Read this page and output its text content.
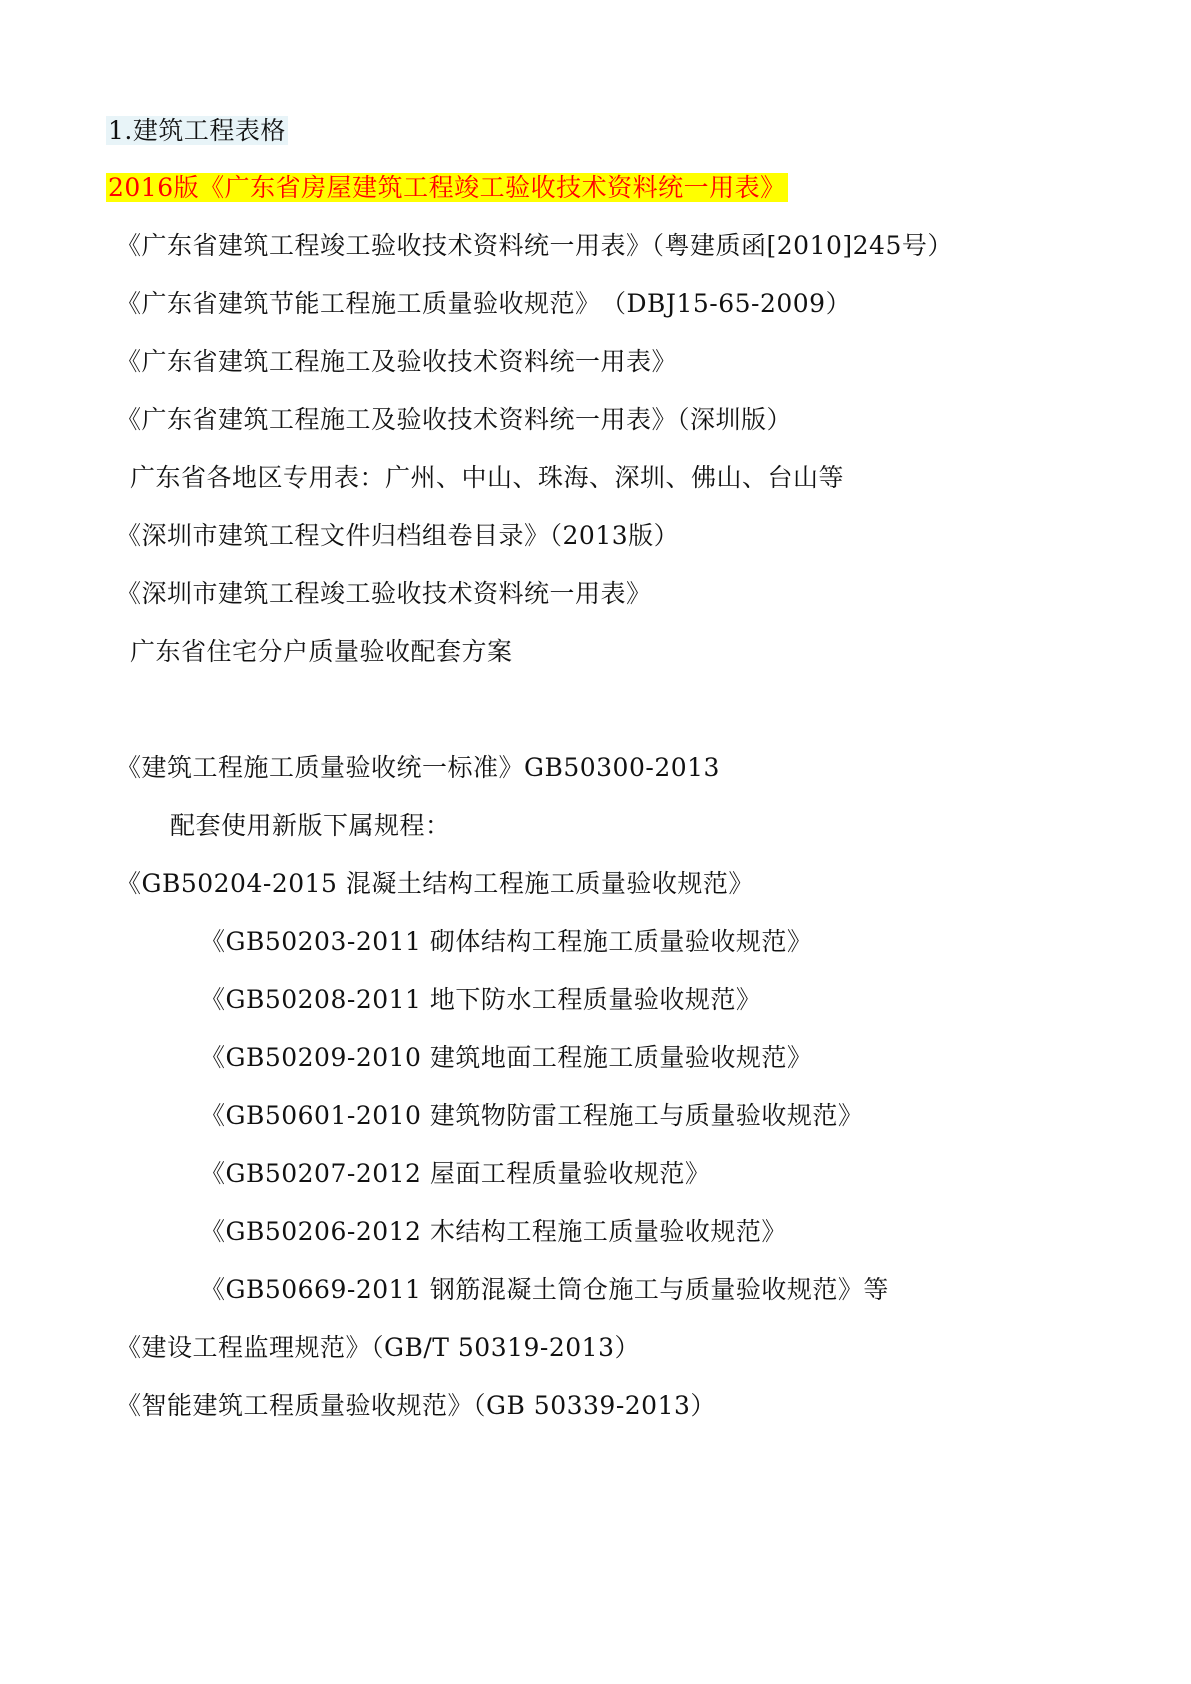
1.建筑工程表格
2016版《广东省房屋建筑工程竣工验收技术资料统一用表》
《广东省建筑工程竣工验收技术资料统一用表》（粤建质函[2010]245号）
《广东省建筑节能工程施工质量验收规范》　（DBJ15-65-2009）
《广东省建筑工程施工及验收技术资料统一用表》
《广东省建筑工程施工及验收技术资料统一用表》（深圳版）
广东省各地区专用表：广州、中山、珠海、深圳、佛山、台山等
《深圳市建筑工程文件归档组卷目录》（2013版）
《深圳市建筑工程竣工验收技术资料统一用表》
广东省住宅分户质量验收配套方案
《建筑工程施工质量验收统一标准》GB50300-2013
配套使用新版下属规程：
《GB50204-2015 混凝土结构工程施工质量验收规范》
《GB50203-2011 砌体结构工程施工质量验收规范》
《GB50208-2011 地下防水工程质量验收规范》
《GB50209-2010 建筑地面工程施工质量验收规范》
《GB50601-2010 建筑物防雷工程施工与质量验收规范》
《GB50207-2012 屋面工程质量验收规范》
《GB50206-2012 木结构工程施工质量验收规范》
《GB50669-2011 钢筋混凝土筒仓施工与质量验收规范》等
《建设工程监理规范》（GB/T 50319-2013）
《智能建筑工程质量验收规范》（GB 50339-2013）
